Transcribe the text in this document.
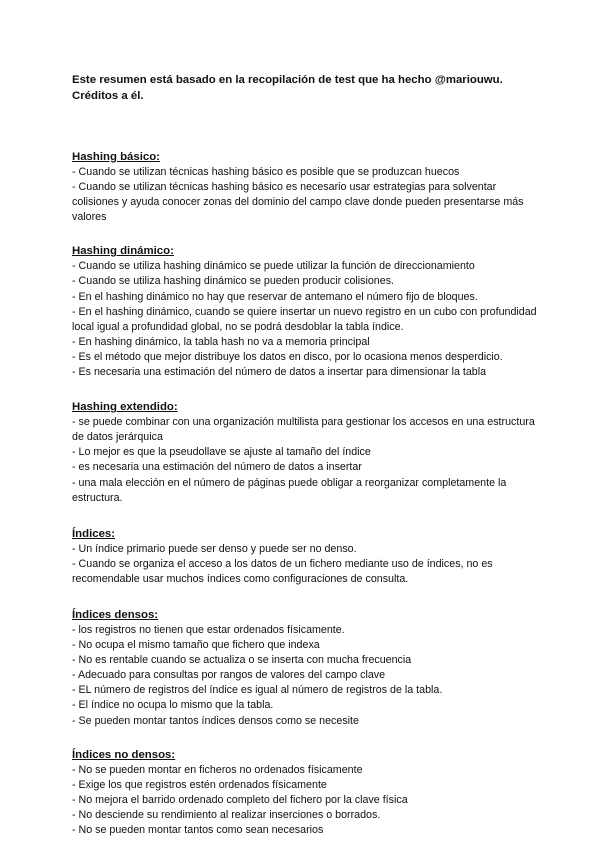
Este resumen está basado en la recopilación de test que ha hecho @mariouwu.
Créditos a él.

Hashing básico:

- Cuando se utilizan técnicas hashing básico es posible que se produzcan huecos

- Cuando se utilizan técnicas hashing básico es necesario usar estrategias para solventar colisiones y ayuda conocer zonas del dominio del campo clave donde pueden presentarse más valores

Hashing dinámico:

- Cuando se utiliza hashing dinámico se puede utilizar la función de direccionamiento

- Cuando se utiliza hashing dinámico se pueden producir colisiones.

- En el hashing dinámico no hay que reservar de antemano el número fijo de bloques.

- En el hashing dinámico, cuando se quiere insertar un nuevo registro en un cubo con profundidad local igual a profundidad global, no se podrá desdoblar la tabla índice.

- En hashing dinámico, la tabla hash no va a memoria principal

- Es el método que mejor distribuye los datos en disco, por lo ocasiona menos desperdicio.

- Es necesaria una estimación del número de datos a insertar para dimensionar la tabla

Hashing extendido:

- se puede combinar con una organización multilista para gestionar los accesos en una estructura de datos jerárquica

- Lo mejor es que la pseudollave se ajuste al tamaño del índice

- es necesaria una estimación del número de datos a insertar

- una mala elección en el número de páginas puede obligar a reorganizar completamente la estructura.

Índices:

- Un índice primario puede ser denso y puede ser no denso.

- Cuando se organiza el acceso a los datos de un fichero mediante uso de índices, no es recomendable usar muchos índices como configuraciones de consulta.

Índices densos:

- los registros no tienen que estar ordenados físicamente.

- No ocupa el mismo tamaño que fichero que indexa

- No es rentable cuando se actualiza o se inserta con mucha frecuencia

- Adecuado para consultas por rangos de valores del campo clave

- EL número de registros del índice es igual al número de registros de la tabla.

- El índice no ocupa lo mismo que la tabla.

- Se pueden montar tantos índices densos como se necesite

Índices no densos:

- No se pueden montar en ficheros no ordenados físicamente

- Exige los que registros estén ordenados físicamente

- No mejora el barrido ordenado completo del fichero por la clave física

- No desciende su rendimiento al realizar inserciones o borrados.

- No se pueden montar tantos como sean necesarios
